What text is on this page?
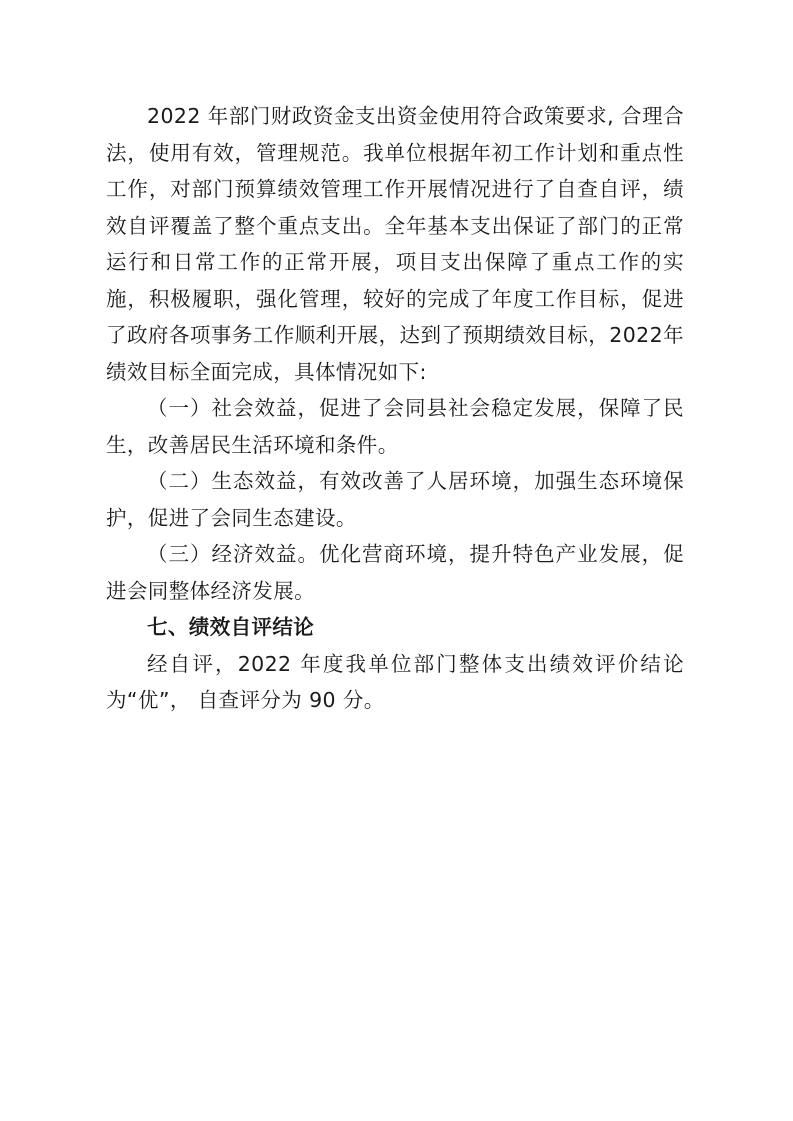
2022 年部门财政资金支出资金使用符合政策要求, 合理合法，使用有效，管理规范。我单位根据年初工作计划和重点性工作，对部门预算绩效管理工作开展情况进行了自查自评，绩效自评覆盖了整个重点支出。全年基本支出保证了部门的正常运行和日常工作的正常开展，项目支出保障了重点工作的实施，积极履职，强化管理，较好的完成了年度工作目标，促进了政府各项事务工作顺利开展，达到了预期绩效目标，2022年绩效目标全面完成，具体情况如下:

（一）社会效益，促进了会同县社会稳定发展，保障了民生，改善居民生活环境和条件。

（二）生态效益，有效改善了人居环境，加强生态环境保护，促进了会同生态建设。

（三）经济效益。优化营商环境，提升特色产业发展，促进会同整体经济发展。

七、绩效自评结论

经自评，2022 年度我单位部门整体支出绩效评价结论为“优”， 自查评分为 90 分。
